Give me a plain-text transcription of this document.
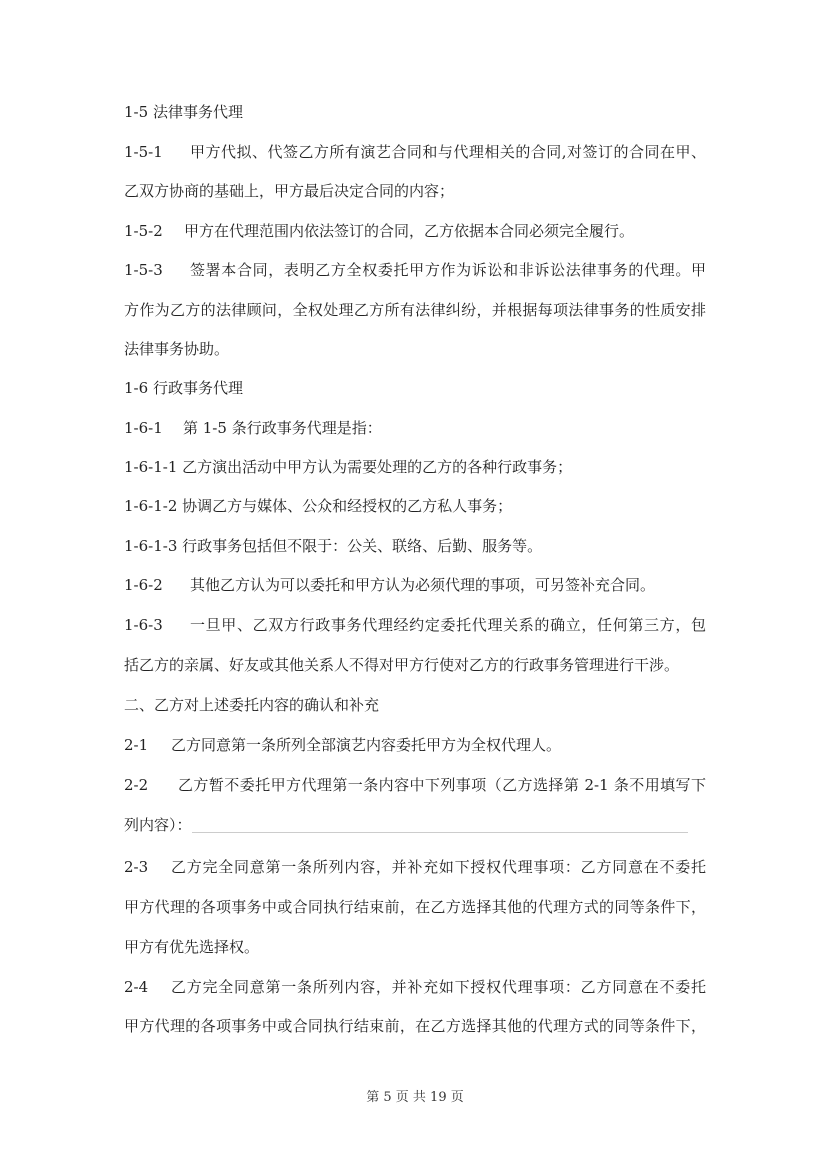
1-5 法律事务代理
1-5-1 甲方代拟、代签乙方所有演艺合同和与代理相关的合同,对签订的合同在甲、
乙双方协商的基础上，甲方最后决定合同的内容；
1-5-2 甲方在代理范围内依法签订的合同，乙方依据本合同必须完全履行。
1-5-3 签署本合同，表明乙方全权委托甲方作为诉讼和非诉讼法律事务的代理。甲
方作为乙方的法律顾问，全权处理乙方所有法律纠纷，并根据每项法律事务的性质安排
法律事务协助。
1-6 行政事务代理
1-6-1 第 1-5 条行政事务代理是指：
1-6-1-1 乙方演出活动中甲方认为需要处理的乙方的各种行政事务；
1-6-1-2 协调乙方与媒体、公众和经授权的乙方私人事务；
1-6-1-3 行政事务包括但不限于：公关、联络、后勤、服务等。
1-6-2 其他乙方认为可以委托和甲方认为必须代理的事项，可另签补充合同。
1-6-3 一旦甲、乙双方行政事务代理经约定委托代理关系的确立，任何第三方，包
括乙方的亲属、好友或其他关系人不得对甲方行使对乙方的行政事务管理进行干涉。
二、乙方对上述委托内容的确认和补充
2-1 乙方同意第一条所列全部演艺内容委托甲方为全权代理人。
2-2 乙方暂不委托甲方代理第一条内容中下列事项（乙方选择第 2-1 条不用填写下
列内容）：
2-3 乙方完全同意第一条所列内容，并补充如下授权代理事项：乙方同意在不委托
甲方代理的各项事务中或合同执行结束前，在乙方选择其他的代理方式的同等条件下，
甲方有优先选择权。
2-4 乙方完全同意第一条所列内容，并补充如下授权代理事项：乙方同意在不委托
甲方代理的各项事务中或合同执行结束前，在乙方选择其他的代理方式的同等条件下，
第 5 页 共 19 页
